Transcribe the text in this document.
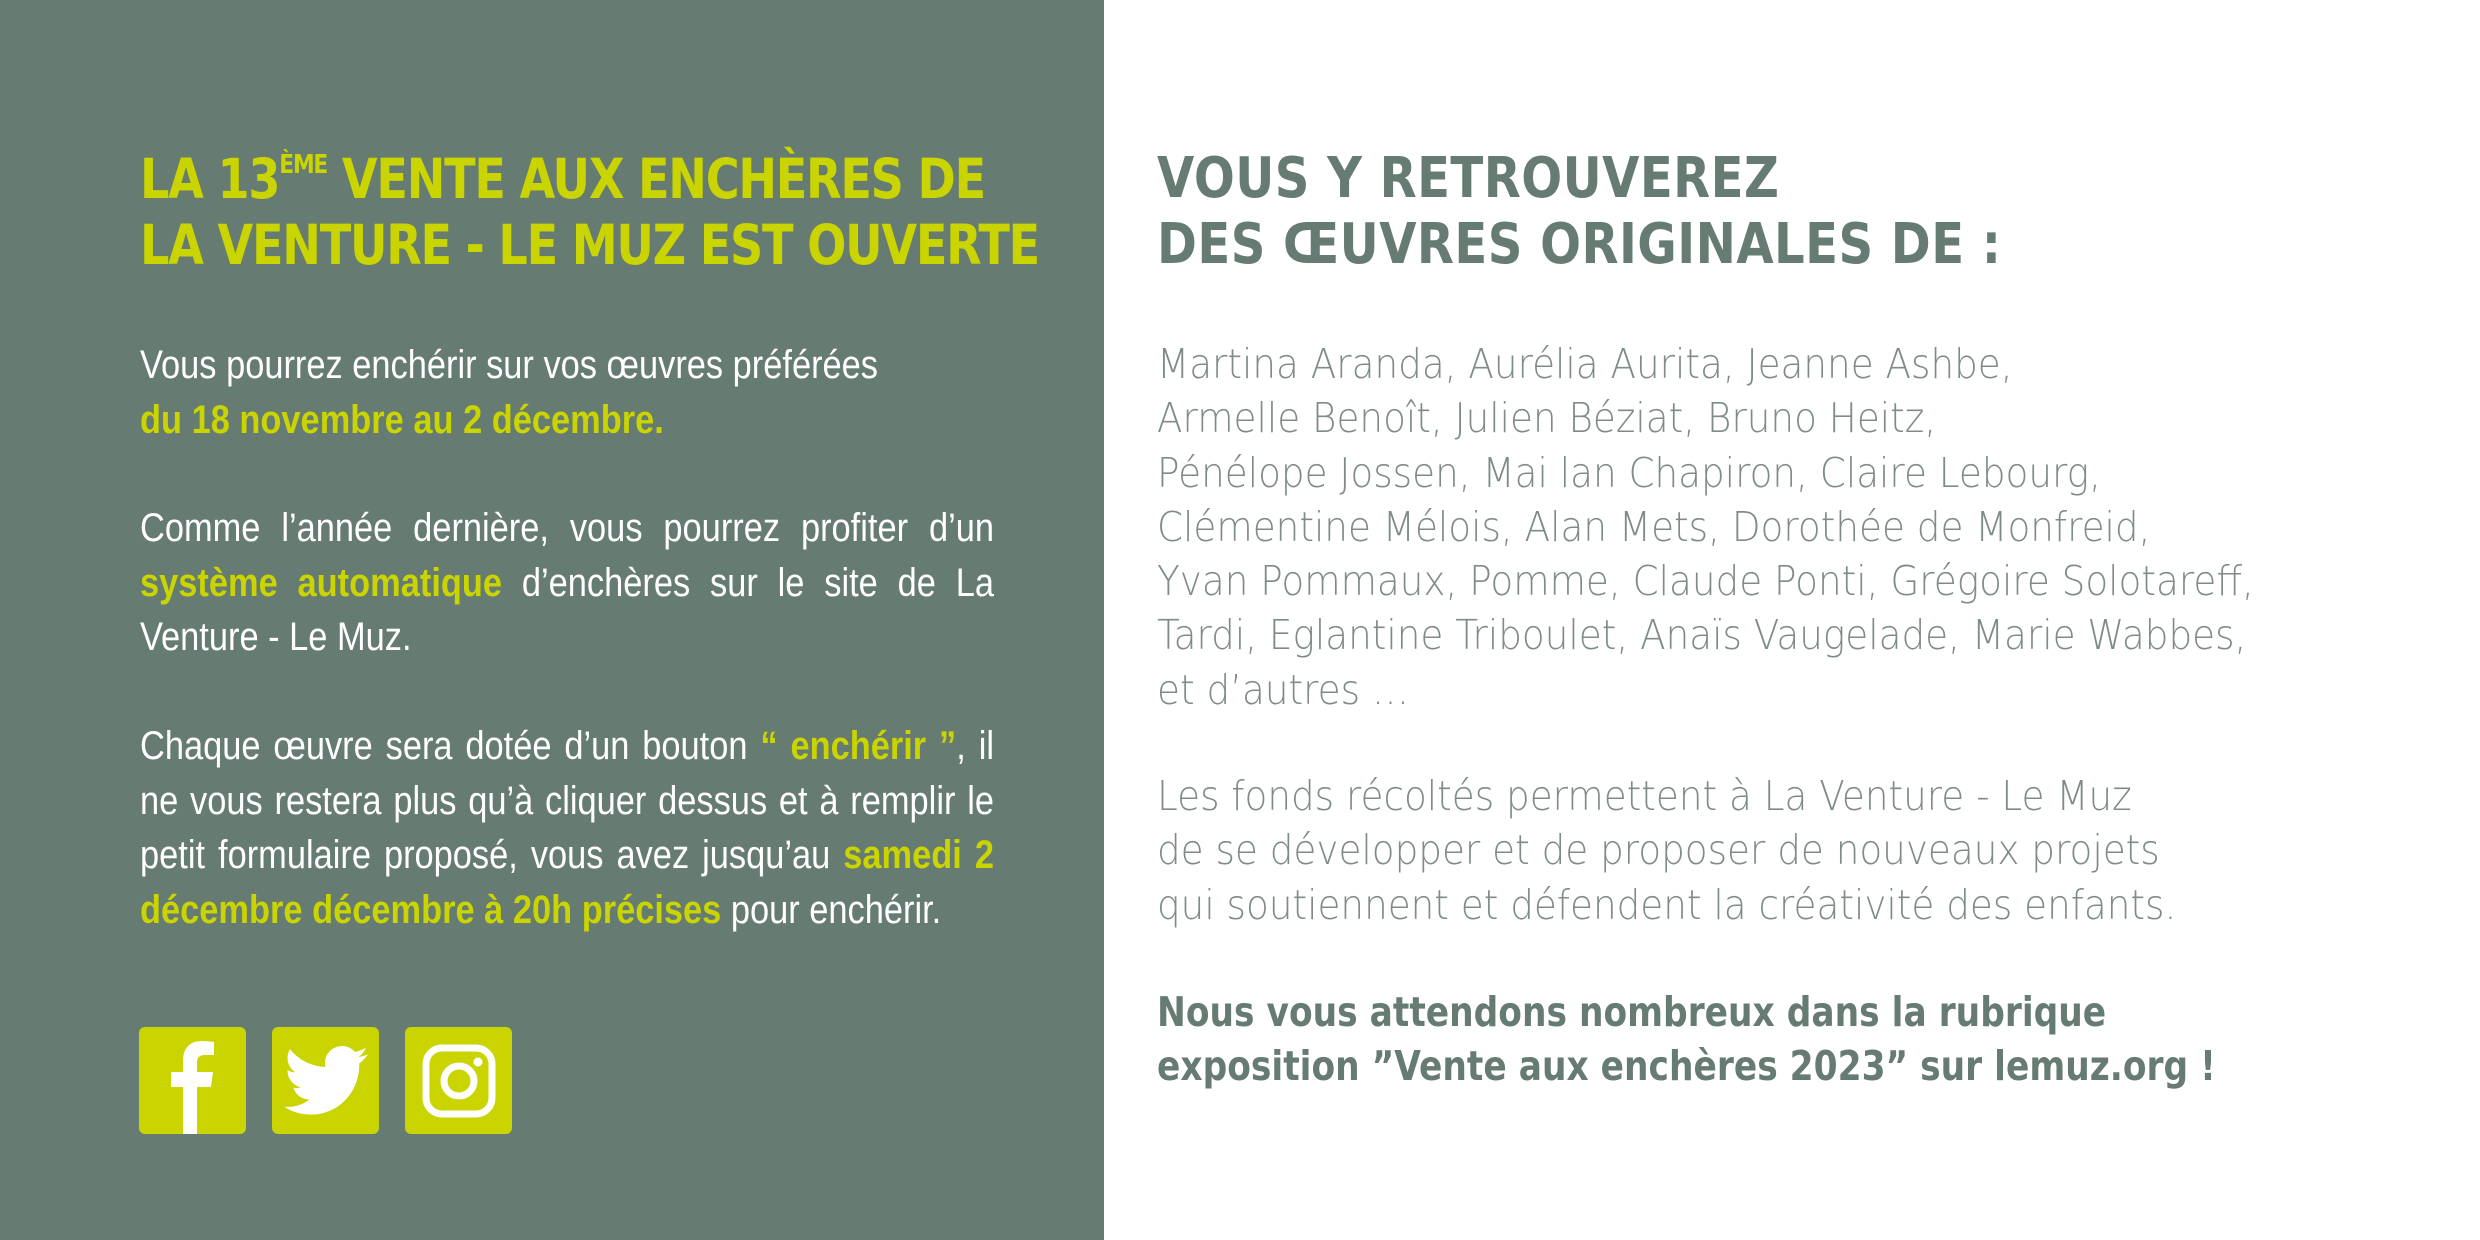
LA 13ÈME VENTE AUX ENCHÈRES DE
LA VENTURE - LE MUZ EST OUVERTE

Vous pourrez enchérir sur vos œuvres préférées
du 18 novembre au 2 décembre.

Comme l’année dernière, vous pourrez profiter d’un système automatique d’enchères sur le site de La Venture - Le Muz.

Chaque œuvre sera dotée d’un bouton “ enchérir ”, il ne vous restera plus qu’à cliquer dessus et à remplir le petit formulaire proposé, vous avez jusqu’au samedi 2 décembre décembre à 20h précises pour enchérir.

VOUS Y RETROUVEREZ
DES ŒUVRES ORIGINALES DE :

Martina Aranda, Aurélia Aurita, Jeanne Ashbe,
Armelle Benoît, Julien Béziat, Bruno Heitz,
Pénélope Jossen, Mai lan Chapiron, Claire Lebourg,
Clémentine Mélois, Alan Mets, Dorothée de Monfreid,
Yvan Pommaux, Pomme, Claude Ponti, Grégoire Solotareff,
Tardi, Eglantine Triboulet, Anaïs Vaugelade, Marie Wabbes,
et d’autres …

Les fonds récoltés permettent à La Venture - Le Muz
de se développer et de proposer de nouveaux projets
qui soutiennent et défendent la créativité des enfants.

Nous vous attendons nombreux dans la rubrique
exposition ”Vente aux enchères 2023” sur lemuz.org !
